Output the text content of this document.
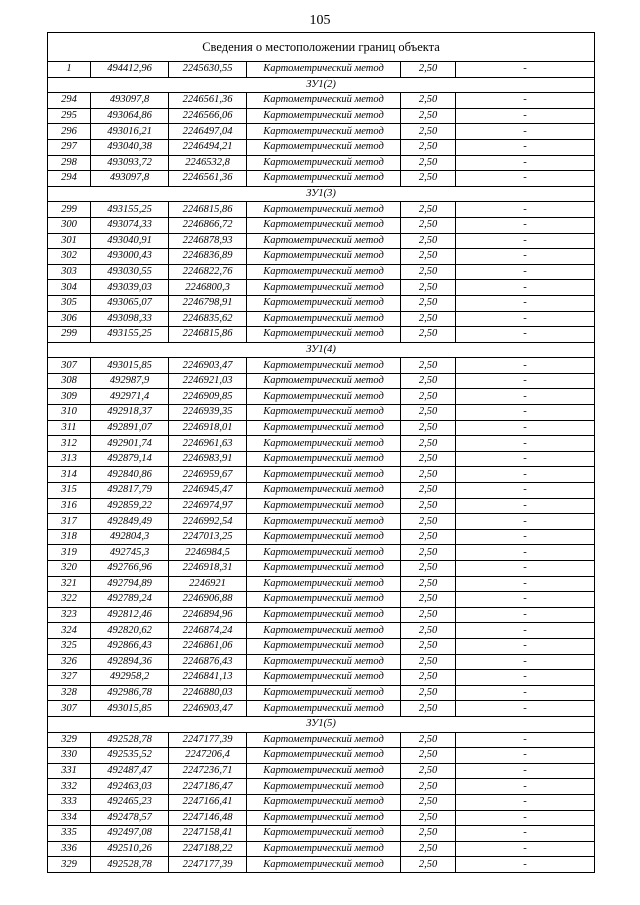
105
Сведения о местоположении границ объекта					
1	494412,96	2245630,55	Картометрический метод	2,50	-
ЗУ1(2)					
294	493097,8	2246561,36	Картометрический метод	2,50	-
295	493064,86	2246566,06	Картометрический метод	2,50	-
296	493016,21	2246497,04	Картометрический метод	2,50	-
297	493040,38	2246494,21	Картометрический метод	2,50	-
298	493093,72	2246532,8	Картометрический метод	2,50	-
294	493097,8	2246561,36	Картометрический метод	2,50	-
ЗУ1(3)					
299	493155,25	2246815,86	Картометрический метод	2,50	-
300	493074,33	2246866,72	Картометрический метод	2,50	-
301	493040,91	2246878,93	Картометрический метод	2,50	-
302	493000,43	2246836,89	Картометрический метод	2,50	-
303	493030,55	2246822,76	Картометрический метод	2,50	-
304	493039,03	2246800,3	Картометрический метод	2,50	-
305	493065,07	2246798,91	Картометрический метод	2,50	-
306	493098,33	2246835,62	Картометрический метод	2,50	-
299	493155,25	2246815,86	Картометрический метод	2,50	-
ЗУ1(4)					
307	493015,85	2246903,47	Картометрический метод	2,50	-
308	492987,9	2246921,03	Картометрический метод	2,50	-
309	492971,4	2246909,85	Картометрический метод	2,50	-
310	492918,37	2246939,35	Картометрический метод	2,50	-
311	492891,07	2246918,01	Картометрический метод	2,50	-
312	492901,74	2246961,63	Картометрический метод	2,50	-
313	492879,14	2246983,91	Картометрический метод	2,50	-
314	492840,86	2246959,67	Картометрический метод	2,50	-
315	492817,79	2246945,47	Картометрический метод	2,50	-
316	492859,22	2246974,97	Картометрический метод	2,50	-
317	492849,49	2246992,54	Картометрический метод	2,50	-
318	492804,3	2247013,25	Картометрический метод	2,50	-
319	492745,3	2246984,5	Картометрический метод	2,50	-
320	492766,96	2246918,31	Картометрический метод	2,50	-
321	492794,89	2246921	Картометрический метод	2,50	-
322	492789,24	2246906,88	Картометрический метод	2,50	-
323	492812,46	2246894,96	Картометрический метод	2,50	-
324	492820,62	2246874,24	Картометрический метод	2,50	-
325	492866,43	2246861,06	Картометрический метод	2,50	-
326	492894,36	2246876,43	Картометрический метод	2,50	-
327	492958,2	2246841,13	Картометрический метод	2,50	-
328	492986,78	2246880,03	Картометрический метод	2,50	-
307	493015,85	2246903,47	Картометрический метод	2,50	-
ЗУ1(5)					
329	492528,78	2247177,39	Картометрический метод	2,50	-
330	492535,52	2247206,4	Картометрический метод	2,50	-
331	492487,47	2247236,71	Картометрический метод	2,50	-
332	492463,03	2247186,47	Картометрический метод	2,50	-
333	492465,23	2247166,41	Картометрический метод	2,50	-
334	492478,57	2247146,48	Картометрический метод	2,50	-
335	492497,08	2247158,41	Картометрический метод	2,50	-
336	492510,26	2247188,22	Картометрический метод	2,50	-
329	492528,78	2247177,39	Картометрический метод	2,50	-
